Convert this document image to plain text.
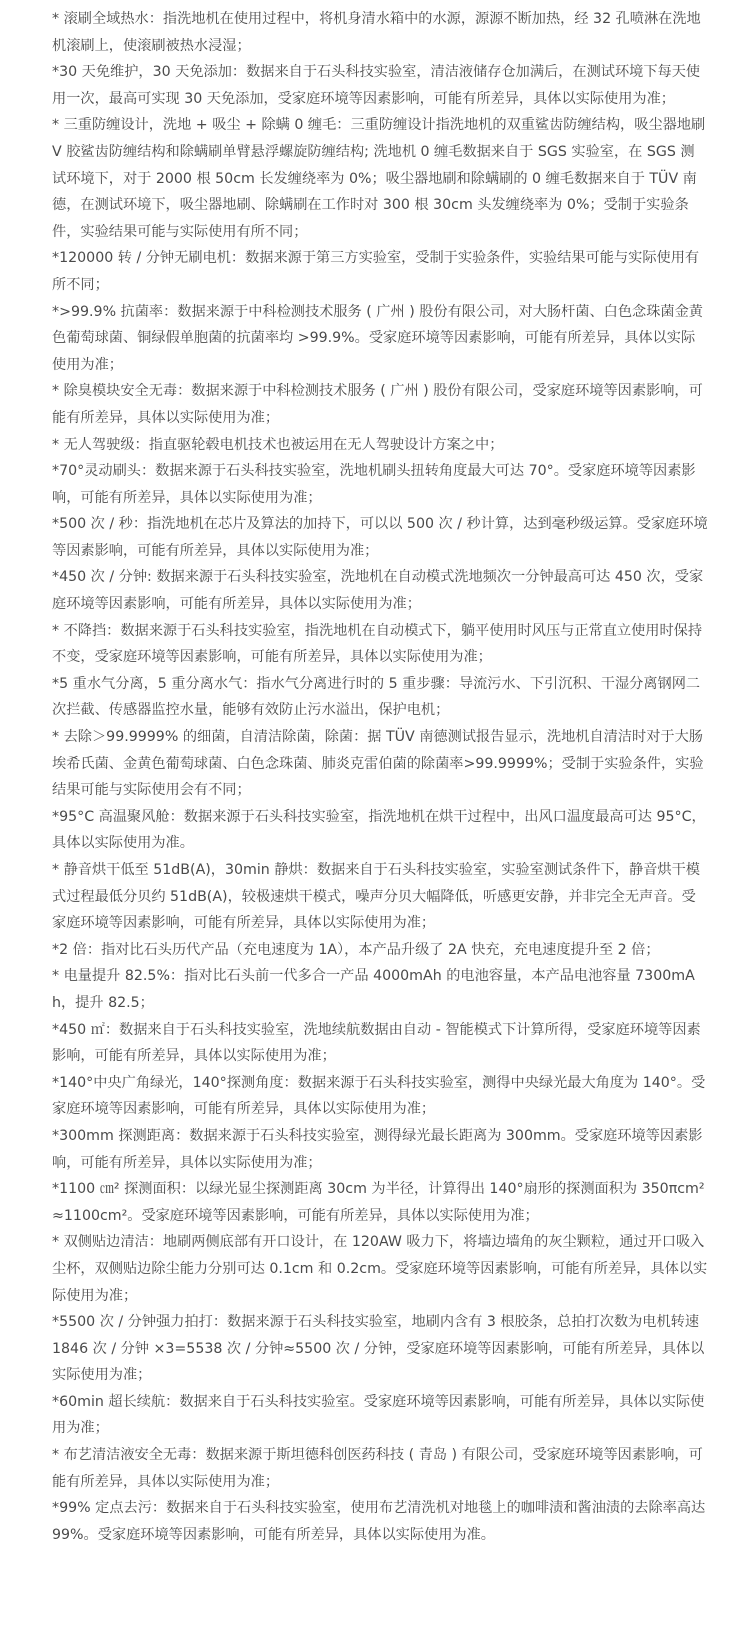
* 滚刷全域热水：指洗地机在使用过程中，将机身清水箱中的水源，源源不断加热，经 32 孔喷淋在洗地机滚刷上，使滚刷被热水浸湿；

*30 天免维护，30 天免添加：数据来自于石头科技实验室，清洁液储存仓加满后，在测试环境下每天使用一次，最高可实现 30 天免添加，受家庭环境等因素影响，可能有所差异，具体以实际使用为准；

* 三重防缠设计，洗地 + 吸尘 + 除螨 0 缠毛：三重防缠设计指洗地机的双重鲨齿防缠结构，吸尘器地刷 V 胶鲨齿防缠结构和除螨刷单臂悬浮螺旋防缠结构; 洗地机 0 缠毛数据来自于 SGS 实验室，在 SGS 测试环境下，对于 2000 根 50cm 长发缠绕率为 0%；吸尘器地刷和除螨刷的 0 缠毛数据来自于 TÜV 南德，在测试环境下，吸尘器地刷、除螨刷在工作时对 300 根 30cm 头发缠绕率为 0%；受制于实验条件，实验结果可能与实际使用有所不同；

*120000 转 / 分钟无刷电机：数据来源于第三方实验室，受制于实验条件，实验结果可能与实际使用有所不同；

*>99.9% 抗菌率：数据来源于中科检测技术服务 ( 广州 ) 股份有限公司，对大肠杆菌、白色念珠菌金黄色葡萄球菌、铜绿假单胞菌的抗菌率均 >99.9%。受家庭环境等因素影响，可能有所差异，具体以实际使用为准；

* 除臭模块安全无毒：数据来源于中科检测技术服务 ( 广州 ) 股份有限公司，受家庭环境等因素影响，可能有所差异，具体以实际使用为准；

* 无人驾驶级：指直驱轮毂电机技术也被运用在无人驾驶设计方案之中；

*70°灵动刷头：数据来源于石头科技实验室，洗地机刷头扭转角度最大可达 70°。受家庭环境等因素影响，可能有所差异，具体以实际使用为准；

*500 次 / 秒：指洗地机在芯片及算法的加持下，可以以 500 次 / 秒计算，达到毫秒级运算。受家庭环境等因素影响，可能有所差异，具体以实际使用为准；

*450 次 / 分钟: 数据来源于石头科技实验室，洗地机在自动模式洗地频次一分钟最高可达 450 次，受家庭环境等因素影响，可能有所差异，具体以实际使用为准；

* 不降挡：数据来源于石头科技实验室，指洗地机在自动模式下，躺平使用时风压与正常直立使用时保持不变，受家庭环境等因素影响，可能有所差异，具体以实际使用为准；

*5 重水气分离，5 重分离水气：指水气分离进行时的 5 重步骤：导流污水、下引沉积、干湿分离钢网二次拦截、传感器监控水量，能够有效防止污水溢出，保护电机；

* 去除＞99.9999% 的细菌，自清洁除菌，除菌：据 TÜV 南德测试报告显示，洗地机自清洁时对于大肠埃希氏菌、金黄色葡萄球菌、白色念珠菌、肺炎克雷伯菌的除菌率>99.9999%；受制于实验条件，实验结果可能与实际使用会有不同；

*95°C 高温聚风舱：数据来源于石头科技实验室，指洗地机在烘干过程中，出风口温度最高可达 95°C，具体以实际使用为准。

* 静音烘干低至 51dB(A)，30min 静烘：数据来自于石头科技实验室，实验室测试条件下，静音烘干模式过程最低分贝约 51dB(A)，较极速烘干模式，噪声分贝大幅降低，听感更安静，并非完全无声音。受家庭环境等因素影响，可能有所差异，具体以实际使用为准；

*2 倍：指对比石头历代产品（充电速度为 1A），本产品升级了 2A 快充，充电速度提升至 2 倍；

* 电量提升 82.5%：指对比石头前一代多合一产品 4000mAh 的电池容量，本产品电池容量 7300mAh，提升 82.5；

*450 ㎡：数据来自于石头科技实验室，洗地续航数据由自动 - 智能模式下计算所得，受家庭环境等因素影响，可能有所差异，具体以实际使用为准；

*140°中央广角绿光，140°探测角度：数据来源于石头科技实验室，测得中央绿光最大角度为 140°。受家庭环境等因素影响，可能有所差异，具体以实际使用为准；

*300mm 探测距离：数据来源于石头科技实验室，测得绿光最长距离为 300mm。受家庭环境等因素影响，可能有所差异，具体以实际使用为准；

*1100 ㎝² 探测面积：以绿光显尘探测距离 30cm 为半径，计算得出 140°扇形的探测面积为 350πcm²≈1100cm²。受家庭环境等因素影响，可能有所差异，具体以实际使用为准；

* 双侧贴边清洁：地刷两侧底部有开口设计，在 120AW 吸力下，将墙边墙角的灰尘颗粒，通过开口吸入尘杯，双侧贴边除尘能力分别可达 0.1cm 和 0.2cm。受家庭环境等因素影响，可能有所差异，具体以实际使用为准；

*5500 次 / 分钟强力拍打：数据来源于石头科技实验室，地刷内含有 3 根胶条，总拍打次数为电机转速 1846 次 / 分钟 ×3=5538 次 / 分钟≈5500 次 / 分钟，受家庭环境等因素影响，可能有所差异，具体以实际使用为准；

*60min 超长续航：数据来自于石头科技实验室。受家庭环境等因素影响，可能有所差异，具体以实际使用为准；

* 布艺清洁液安全无毒：数据来源于斯坦德科创医药科技 ( 青岛 ) 有限公司，受家庭环境等因素影响，可能有所差异，具体以实际使用为准；

*99% 定点去污：数据来自于石头科技实验室，使用布艺清洗机对地毯上的咖啡渍和酱油渍的去除率高达 99%。受家庭环境等因素影响，可能有所差异，具体以实际使用为准。
